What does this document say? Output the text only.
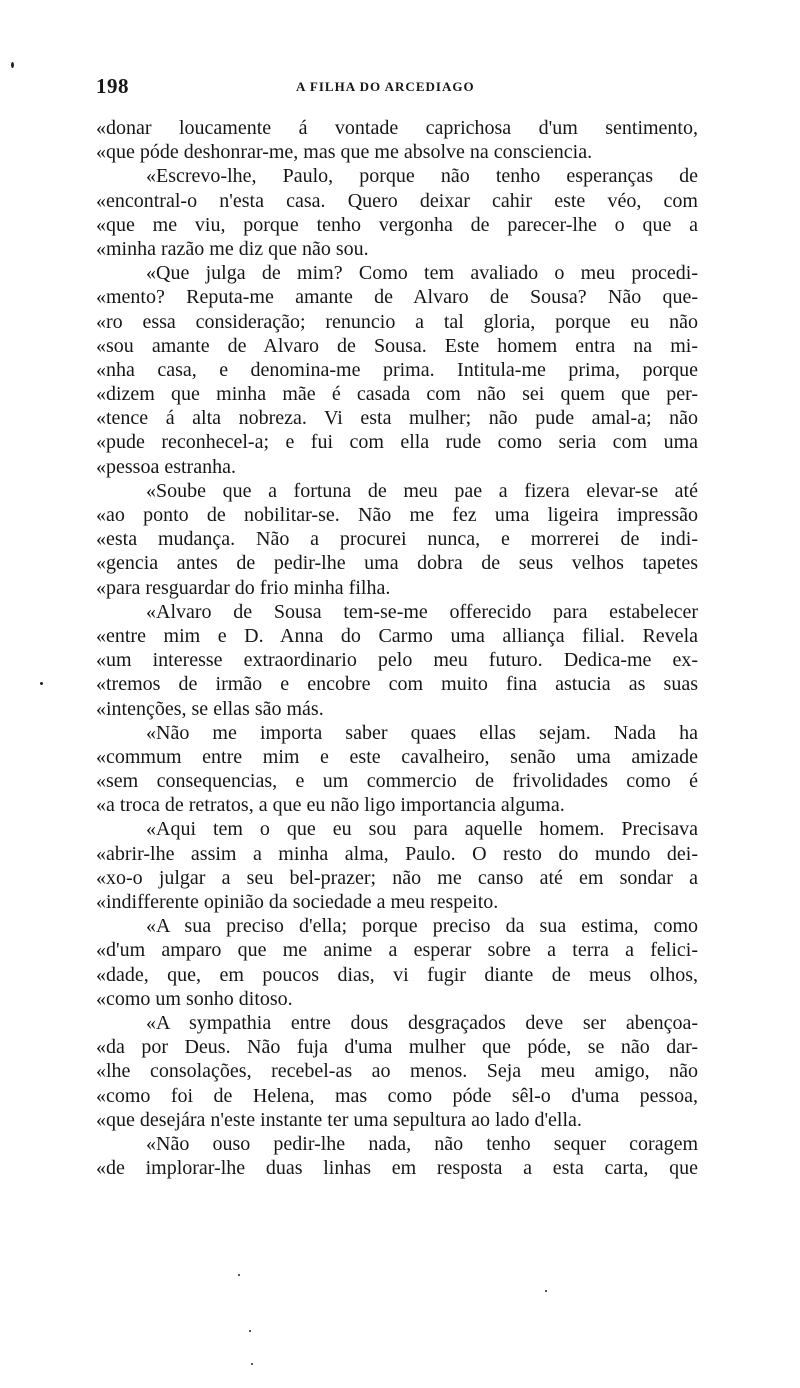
198	A FILHA DO ARCEDIAGO
«donar loucamente á vontade caprichosa d'um sentimento,
«que póde deshonrar-me, mas que me absolve na consciencia.
«Escrevo-lhe, Paulo, porque não tenho esperanças de
«encontral-o n'esta casa. Quero deixar cahir este véo, com
«que me viu, porque tenho vergonha de parecer-lhe o que a
«minha razão me diz que não sou.
«Que julga de mim? Como tem avaliado o meu procedi-
«mento? Reputa-me amante de Alvaro de Sousa? Não que-
«ro essa consideração; renuncio a tal gloria, porque eu não
«sou amante de Alvaro de Sousa. Este homem entra na mi-
«nha casa, e denomina-me prima. Intitula-me prima, porque
«dizem que minha mãe é casada com não sei quem que per-
«tence á alta nobreza. Vi esta mulher; não pude amal-a; não
«pude reconhecel-a; e fui com ella rude como seria com uma
«pessoa estranha.
«Soube que a fortuna de meu pae a fizera elevar-se até
«ao ponto de nobilitar-se. Não me fez uma ligeira impressão
«esta mudança. Não a procurei nunca, e morrerei de indi-
«gencia antes de pedir-lhe uma dobra de seus velhos tapetes
«para resguardar do frio minha filha.
«Alvaro de Sousa tem-se-me offerecido para estabelecer
«entre mim e D. Anna do Carmo uma alliança filial. Revela
«um interesse extraordinario pelo meu futuro. Dedica-me ex-
«tremos de irmão e encobre com muito fina astucia as suas
«intenções, se ellas são más.
«Não me importa saber quaes ellas sejam. Nada ha
«commum entre mim e este cavalheiro, senão uma amizade
«sem consequencias, e um commercio de frivolidades como é
«a troca de retratos, a que eu não ligo importancia alguma.
«Aqui tem o que eu sou para aquelle homem. Precisava
«abrir-lhe assim a minha alma, Paulo. O resto do mundo dei-
«xo-o julgar a seu bel-prazer; não me canso até em sondar a
«indifferente opinião da sociedade a meu respeito.
«A sua preciso d'ella; porque preciso da sua estima, como
«d'um amparo que me anime a esperar sobre a terra a felici-
«dade, que, em poucos dias, vi fugir diante de meus olhos,
«como um sonho ditoso.
«A sympathia entre dous desgraçados deve ser abençoa-
«da por Deus. Não fuja d'uma mulher que póde, se não dar-
«lhe consolações, recebel-as ao menos. Seja meu amigo, não
«como foi de Helena, mas como póde sêl-o d'uma pessoa,
«que desejára n'este instante ter uma sepultura ao lado d'ella.
«Não ouso pedir-lhe nada, não tenho sequer coragem
«de implorar-lhe duas linhas em resposta a esta carta, que
